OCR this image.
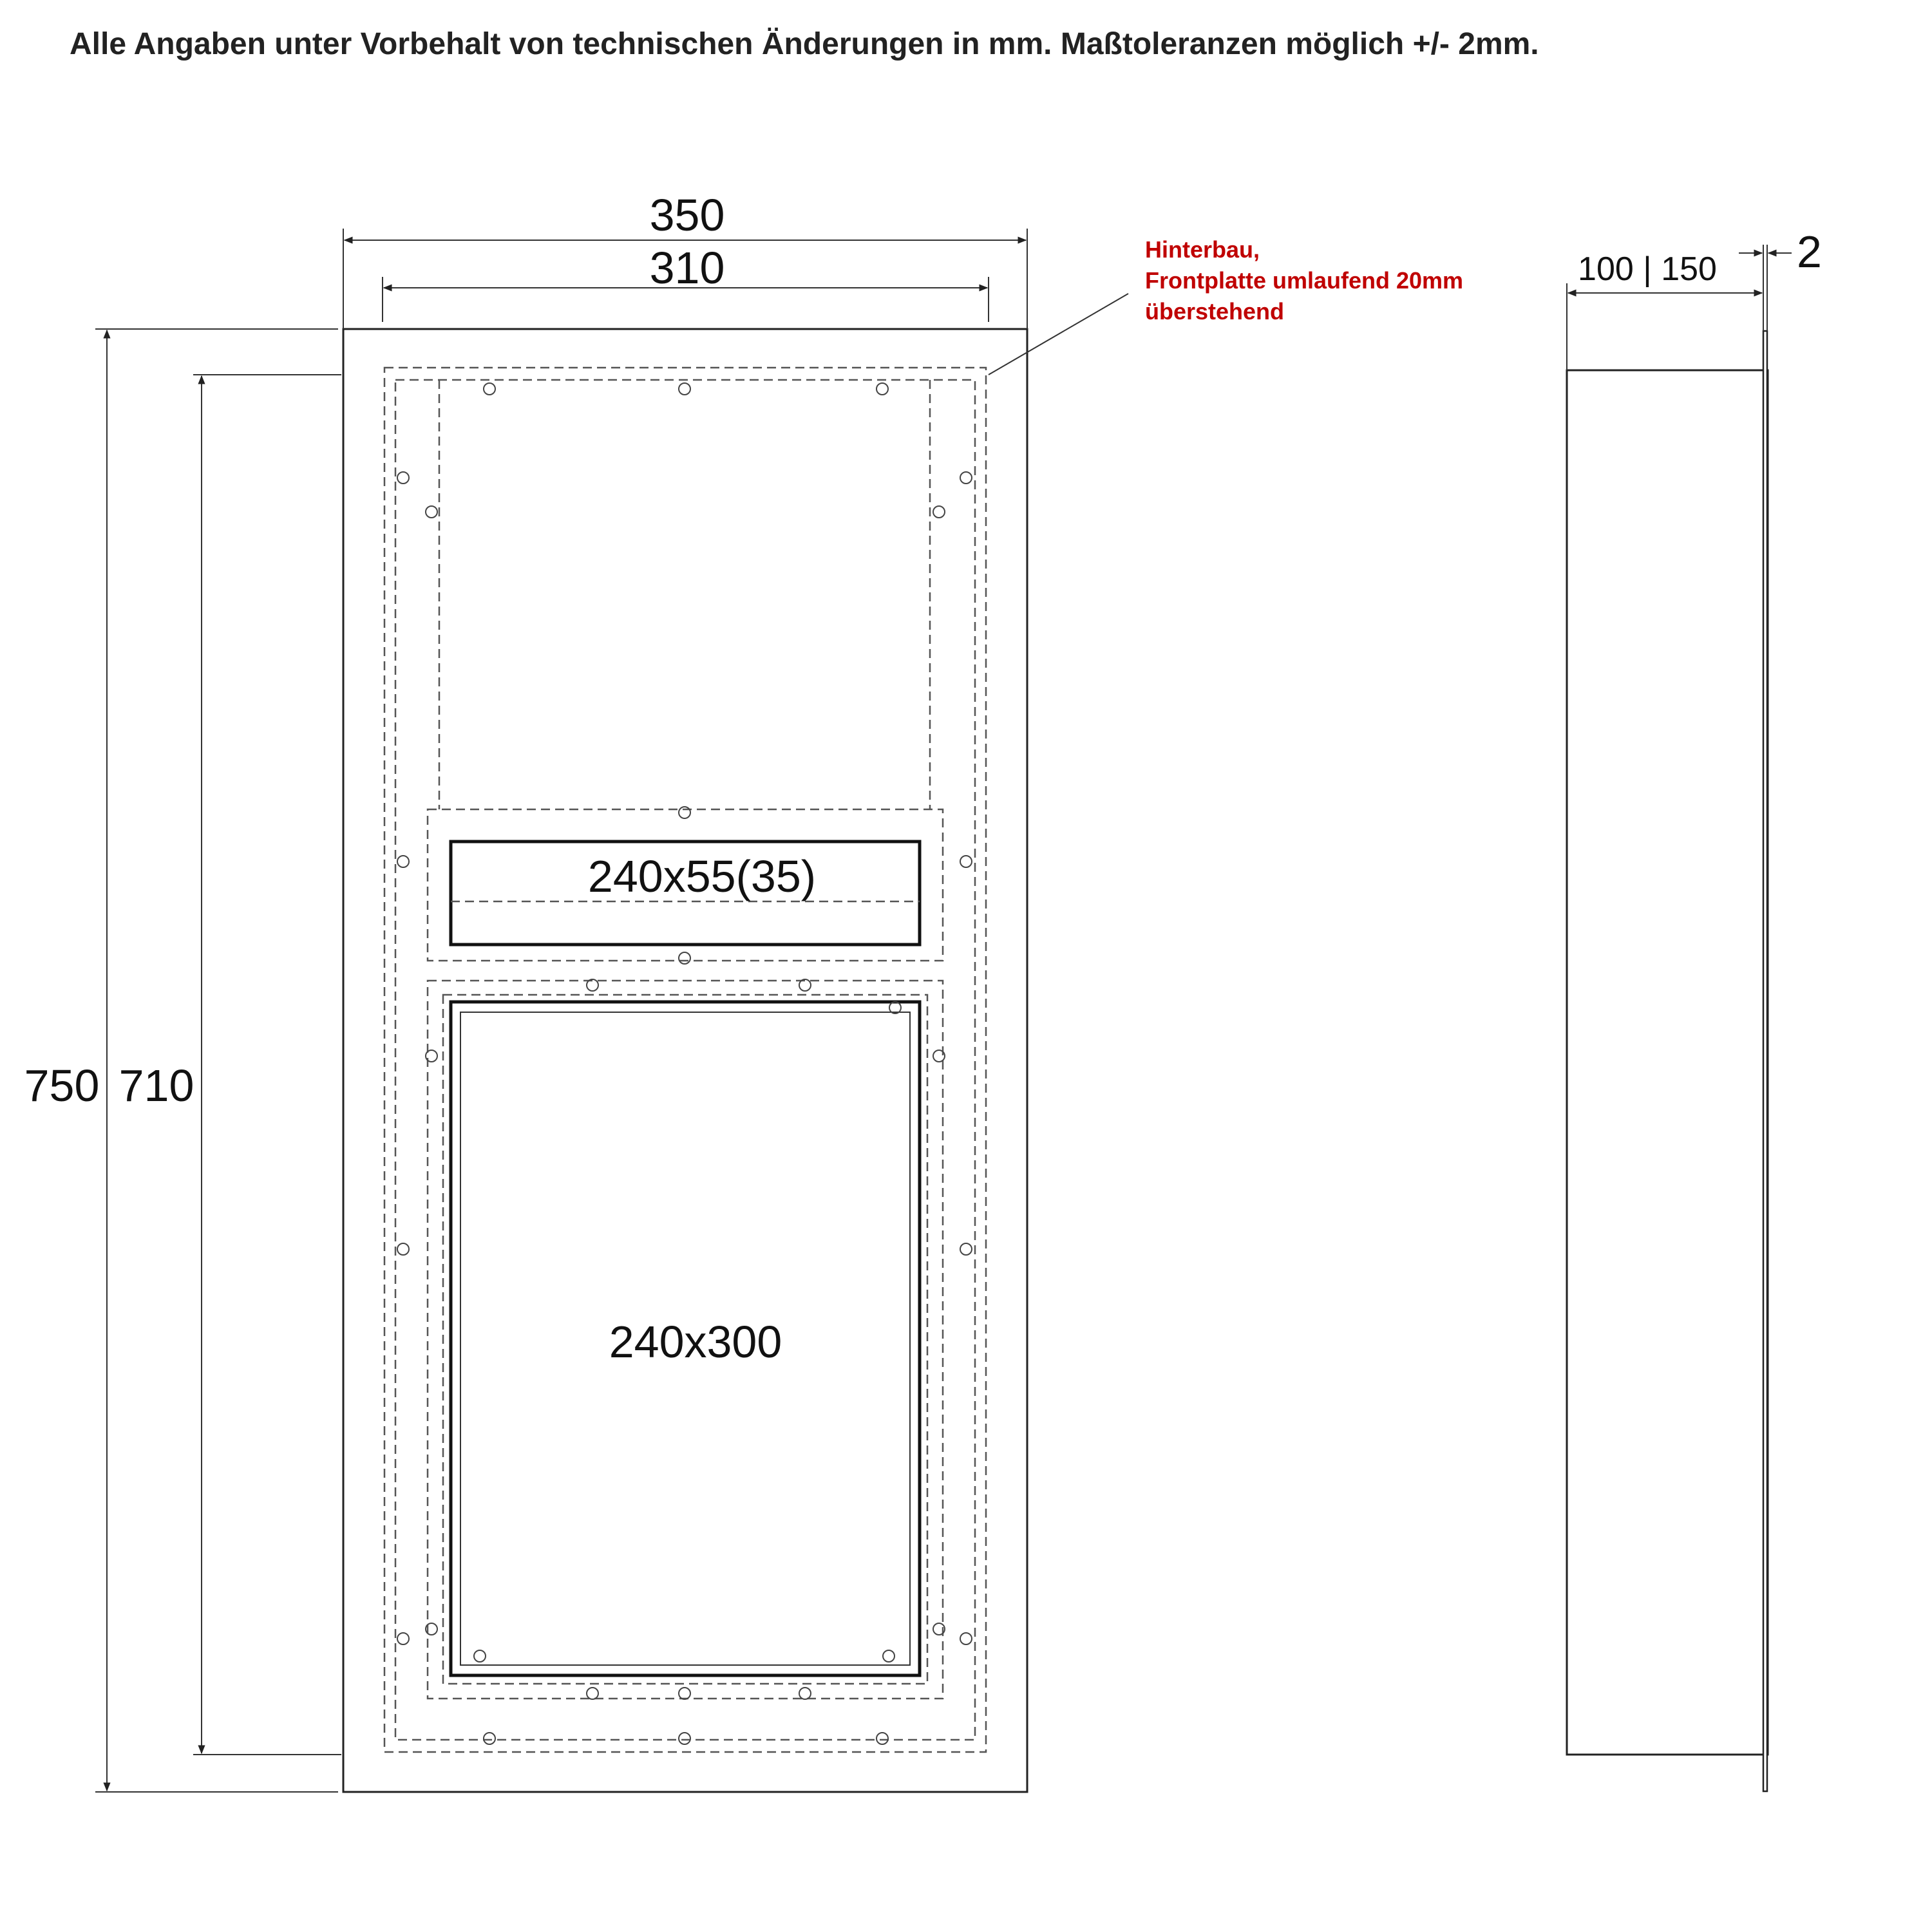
Alle Angaben unter Vorbehalt von technischen Änderungen in mm. Maßtoleranzen möglich +/- 2mm.
240x55(35)
240x300
350
310
750 710
Hinterbau,
Frontplatte umlaufend 20mm
überstehend
100 | 150 2
